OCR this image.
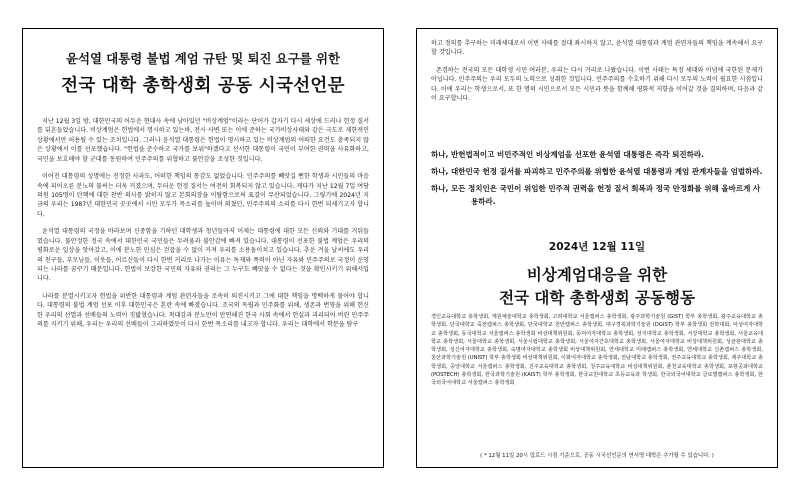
윤석열 대통령 불법 계엄 규탄 및 퇴진 요구를 위한
전국 대학 총학생회 공동 시국선언문

지난 12월 3일 밤, 대한민국의 어두운 현대사 속에 남아있던 "비상계엄"이라는 단어가 갑자기 다시 세상에 드러나 헌정 질서를 뒤흔들었습니다. 비상계엄은 헌법에서 명시하고 있는바, 전시·사변 또는 이에 준하는 국가비상사태와 같은 극도로 제한적인 상황에서만 허용될 수 있는 조치입니다. 그러나 윤석열 대통령은 헌법이 명시하고 있는 비상계엄의 어떠한 요건도 충족되지 않은 상황에서 이를 선포했습니다. "헌법을 준수하고 국가를 보위"하겠다고 선서한 대통령이 국민이 부여한 권력을 사유화하고, 국민을 보호해야 할 군대를 동원하여 민주주의를 위협하고 불안감을 조성한 것입니다.

이어진 대통령의 성명에는 진정한 사과도, 어떠한 책임의 통감도 없었습니다. 민주주의를 빼앗길 뻔한 학생과 시민들의 마음속에 피어오른 분노의 불씨는 더욱 커졌으며, 두터운 헌정 질서는 여전히 회복되지 않고 있습니다. 게다가 지난 12월 7일 여당 의원 105명이 탄핵에 대한 찬반 의사를 밝히지 않고 본회의장을 이탈함으로써 표결이 무산되었습니다. 그렇기에 2024년 지금의 우리는 1987년 대한민국 곳곳에서 시민 모두가 목소리를 높이며 외쳤던, 민주주의의 소리를 다시 한번 되새기고자 합니다.

윤석열 대통령의 국정을 바라보며 신중함을 기하던 대학생과 청년들마저 이제는 대통령에 대한 모든 신뢰와 기대를 거둬들였습니다. 불안정한 정국 속에서 대한민국 국민들은 두려움과 불안감에 빠져 있습니다. 대통령이 선포한 불법 계엄은 우리의 평화로운 일상을 앗아갔고, 이에 분노한 민심은 걷잡을 수 없이 커져 우리를 소용돌이치고 있습니다. 추운 겨울 날씨에도 우리의 친구들, 부모님들, 이웃들, 어르신들이 다시 한번 거리로 나가는 이유는 독재와 폭력이 아닌 자유와 민주주의로 국정이 운영되는 나라를 꿈꾸기 때문입니다. 헌법이 보장한 국민의 자유와 권리는 그 누구도 빼앗을 수 없다는 것을 확인시키기 위해서입니다.

나라를 분열시키고자 헌법을 위반한 대통령과 계엄 관련자들을 조속히 퇴진시키고 그에 대한 책임을 명백하게 물어야 합니다. 대통령의 불법 계엄 선포 이후 대한민국은 혼란 속에 빠졌습니다. 조국의 독립과 민주화를 위해, 생존과 번영을 위해 헌신한 우리의 선열과 선배들의 노력이 짓밟혔습니다. 척대감과 분노만이 만연해진 한국 사회 속에서 헌실과 괴리되어 버린 민주주의를 지키기 위해, 우리는 우리의 선배들이 그리하였듯이 다시 한번 목소리를 내고자 합니다. 우리는 대학에서 학문을 탐구

하고 정의를 추구하는 미래세대로서 이번 사태를 절대 좌시하지 않고, 윤석열 대통령과 계엄 관련자들의 책임을 계속해서 요구할 것입니다.

존경하는 전국의 모든 대학생 시민 여러분, 우리는 다시 거리로 나왔습니다. 이번 사태는 특정 세대와 이념에 국한된 문제가 아닙니다. 민주주의는 우리 모두의 노력으로 성취한 것입니다. 민주주의를 수호하기 위해 다시 모두의 노력이 필요한 시점입니다. 이에 우리는 학생으로서, 또 한 명의 시민으로서 모든 시민과 뜻을 함께해 평화적 저항을 이어갈 것을 결의하며, 다음과 같이 요구합니다.

하나, 반헌법적이고 비민주적인 비상계엄을 선포한 윤석열 대통령은 즉각 퇴진하라.
하나, 대한민국 헌정 질서를 파괴하고 민주주의를 위협한 윤석열 대통령과 계엄 관계자들을 엄벌하라.
하나, 모든 정치인은 국민이 위임한 민주적 권력을 헌정 질서 회복과 정국 안정화를 위해 올바르게 사용하라.
2024년 12월 11일
비상계엄대응을 위한
전국 대학 총학생회 공동행동
경인교육대학교 총학생회, 계원예술대학교 총학생회, 고려대학교 서울캠퍼스 총학생회, 광주과학기술원 (GIST) 학부 총학생회, 광주교육대학교 총학생회, 단국대학교 죽전캠퍼스 총학생회, 단국대학교 천안캠퍼스 총학생회, 대구경북과학기술원 (DGIST) 학부 총학생회 전학대회, 덕성여자대학교 총학생회, 동국대학교 서울캠퍼스 총학생회 비상대책위원회, 동덕여자대학교 총학생회, 상지대학교 총학생회, 서강대학교 총학생회, 서울교육대학교 총학생회, 서울대학교 총학생회, 서울시립대학교 총학생회, 서울여자간호대학교 총학생회, 서울여자대학교 비상대책위원회, 성균관대학교 총학생회, 성신여자대학교 총학생회, 숙명여자대학교 총학생회 비상대책위원회, 연세대학교 미래캠퍼스 총학생회, 연세대학교 신촌캠퍼스 총학생회, 울산과학기술원 (UNIST) 학부 총학생회 비상대책위원회, 이화여자대학교 총학생회, 전남대학교 총학생회, 전주교육대학교 총학생회, 제주대학교 총학생회, 중앙대학교 서울캠퍼스 총학생회, 진주교육대학교 총학생회, 청주교육대학교 비상대책위원회, 춘천교육대학교 총학생회, 포항공과대학교 (POSTECH) 총학생회, 한국과학기술원 (KAIST) 학부 총학생회, 한국교원대학교 초등교육과 학생회, 한국외국어대학교 글로벌캠퍼스 총학생회, 한국외국어대학교 서울캠퍼스 총학생회
( * 12월 11일 20시 업로드 시점 기준으로, 공동 시국선언문의 연서명 대학은 추가될 수 있습니다. )
